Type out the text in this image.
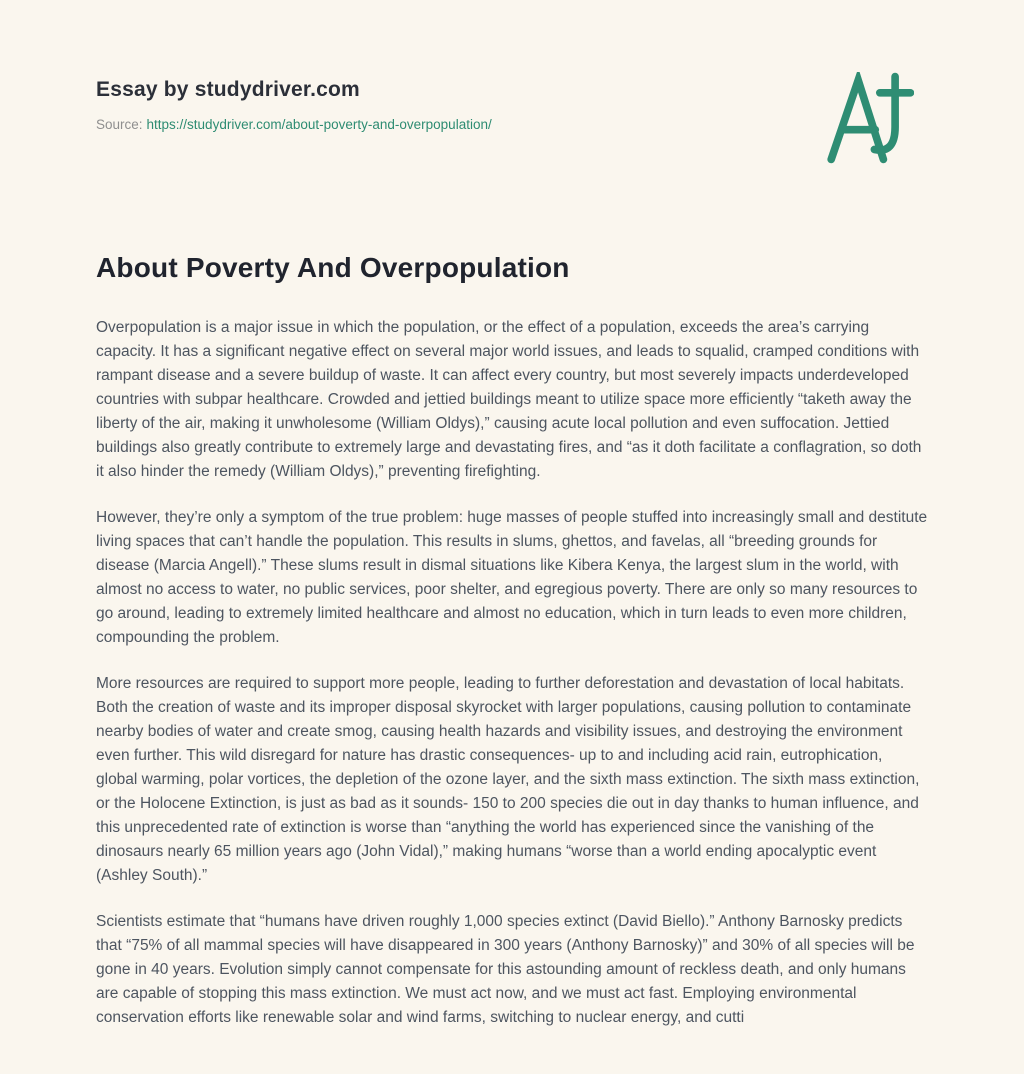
Essay by studydriver.com
Source: https://studydriver.com/about-poverty-and-overpopulation/
About Poverty And Overpopulation

Overpopulation is a major issue in which the population, or the effect of a population, exceeds the area’s carrying capacity. It has a significant negative effect on several major world issues, and leads to squalid, cramped conditions with rampant disease and a severe buildup of waste. It can affect every country, but most severely impacts underdeveloped countries with subpar healthcare. Crowded and jettied buildings meant to utilize space more efficiently “taketh away the liberty of the air, making it unwholesome (William Oldys),” causing acute local pollution and even suffocation. Jettied buildings also greatly contribute to extremely large and devastating fires, and “as it doth facilitate a conflagration, so doth it also hinder the remedy (William Oldys),” preventing firefighting.

However, they’re only a symptom of the true problem: huge masses of people stuffed into increasingly small and destitute living spaces that can’t handle the population. This results in slums, ghettos, and favelas, all “breeding grounds for disease (Marcia Angell).” These slums result in dismal situations like Kibera Kenya, the largest slum in the world, with almost no access to water, no public services, poor shelter, and egregious poverty. There are only so many resources to go around, leading to extremely limited healthcare and almost no education, which in turn leads to even more children, compounding the problem.

More resources are required to support more people, leading to further deforestation and devastation of local habitats. Both the creation of waste and its improper disposal skyrocket with larger populations, causing pollution to contaminate nearby bodies of water and create smog, causing health hazards and visibility issues, and destroying the environment even further. This wild disregard for nature has drastic consequences- up to and including acid rain, eutrophication, global warming, polar vortices, the depletion of the ozone layer, and the sixth mass extinction. The sixth mass extinction, or the Holocene Extinction, is just as bad as it sounds- 150 to 200 species die out in day thanks to human influence, and this unprecedented rate of extinction is worse than “anything the world has experienced since the vanishing of the dinosaurs nearly 65 million years ago (John Vidal),” making humans “worse than a world ending apocalyptic event (Ashley South).”

Scientists estimate that “humans have driven roughly 1,000 species extinct (David Biello).” Anthony Barnosky predicts that “75% of all mammal species will have disappeared in 300 years (Anthony Barnosky)” and 30% of all species will be gone in 40 years. Evolution simply cannot compensate for this astounding amount of reckless death, and only humans are capable of stopping this mass extinction. We must act now, and we must act fast. Employing environmental conservation efforts like renewable solar and wind farms, switching to nuclear energy, and cutti
